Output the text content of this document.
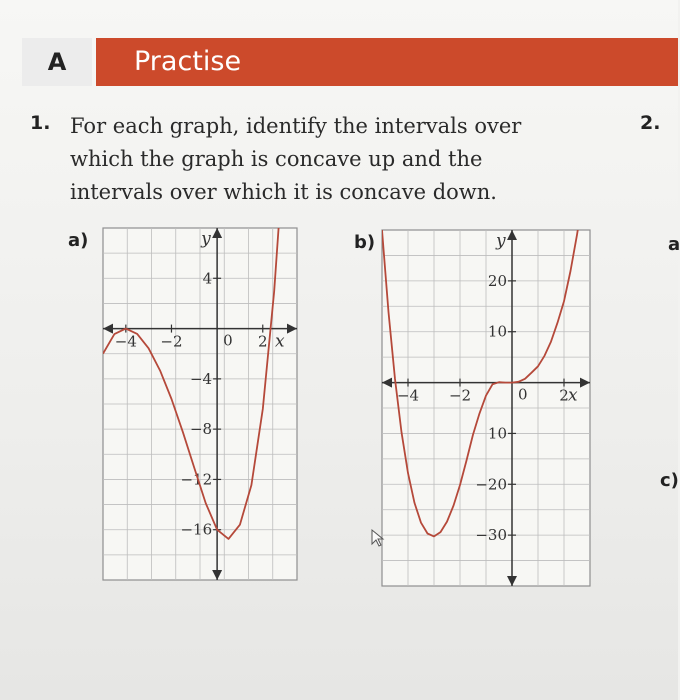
A	Practise
1. For each graph, identify the intervals over
which the graph is concave up and the
intervals over which it is concave down.
2.
a
c)
a)	b)
−4 −2	0 2
4
−4
−8
−12
−16
x
y
−4 −2	0 2
20
10
10
−20
−30
x
y
